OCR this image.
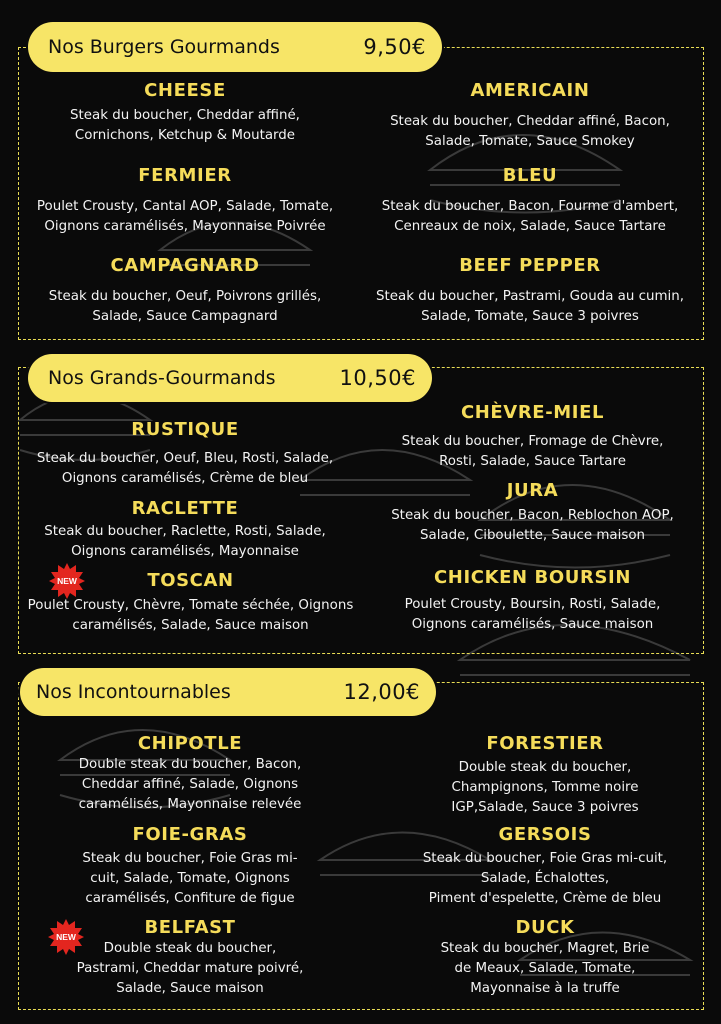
Nos Burgers Gourmands	9,50€
CHEESE
Steak du boucher, Cheddar affiné,
Cornichons, Ketchup & Moutarde
AMERICAIN
Steak du boucher, Cheddar affiné, Bacon,
Salade, Tomate, Sauce Smokey
FERMIER
Poulet Crousty, Cantal AOP, Salade, Tomate,
Oignons caramélisés, Mayonnaise Poivrée
BLEU
Steak du boucher, Bacon, Fourme d'ambert,
Cenreaux de noix, Salade, Sauce Tartare
CAMPAGNARD
Steak du boucher, Oeuf, Poivrons grillés,
Salade, Sauce Campagnard
BEEF PEPPER
Steak du boucher, Pastrami, Gouda au cumin,
Salade, Tomate, Sauce 3 poivres
Nos Grands-Gourmands	10,50€
RUSTIQUE
Steak du boucher, Oeuf, Bleu, Rosti, Salade,
Oignons caramélisés, Crème de bleu
CHÈVRE-MIEL
Steak du boucher, Fromage de Chèvre,
Rosti, Salade, Sauce Tartare
RACLETTE
Steak du boucher, Raclette, Rosti, Salade,
Oignons caramélisés, Mayonnaise
JURA
Steak du boucher, Bacon, Reblochon AOP,
Salade, Ciboulette, Sauce maison
NEW	TOSCAN
Poulet Crousty, Chèvre, Tomate séchée, Oignons
caramélisés, Salade, Sauce maison
CHICKEN BOURSIN
Poulet Crousty, Boursin, Rosti, Salade,
Oignons caramélisés, Sauce maison
Nos Incontournables	12,00€
CHIPOTLE
Double steak du boucher, Bacon,
Cheddar affiné, Salade, Oignons
caramélisés, Mayonnaise relevée
FORESTIER
Double steak du boucher,
Champignons, Tomme noire
IGP,Salade, Sauce 3 poivres
FOIE-GRAS
Steak du boucher, Foie Gras mi-
cuit, Salade, Tomate, Oignons
caramélisés, Confiture de figue
GERSOIS
Steak du boucher, Foie Gras mi-cuit,
Salade, Échalottes,
Piment d'espelette, Crème de bleu
NEW	BELFAST
Double steak du boucher,
Pastrami, Cheddar mature poivré,
Salade, Sauce maison
DUCK
Steak du boucher, Magret, Brie
de Meaux, Salade, Tomate,
Mayonnaise à la truffe
